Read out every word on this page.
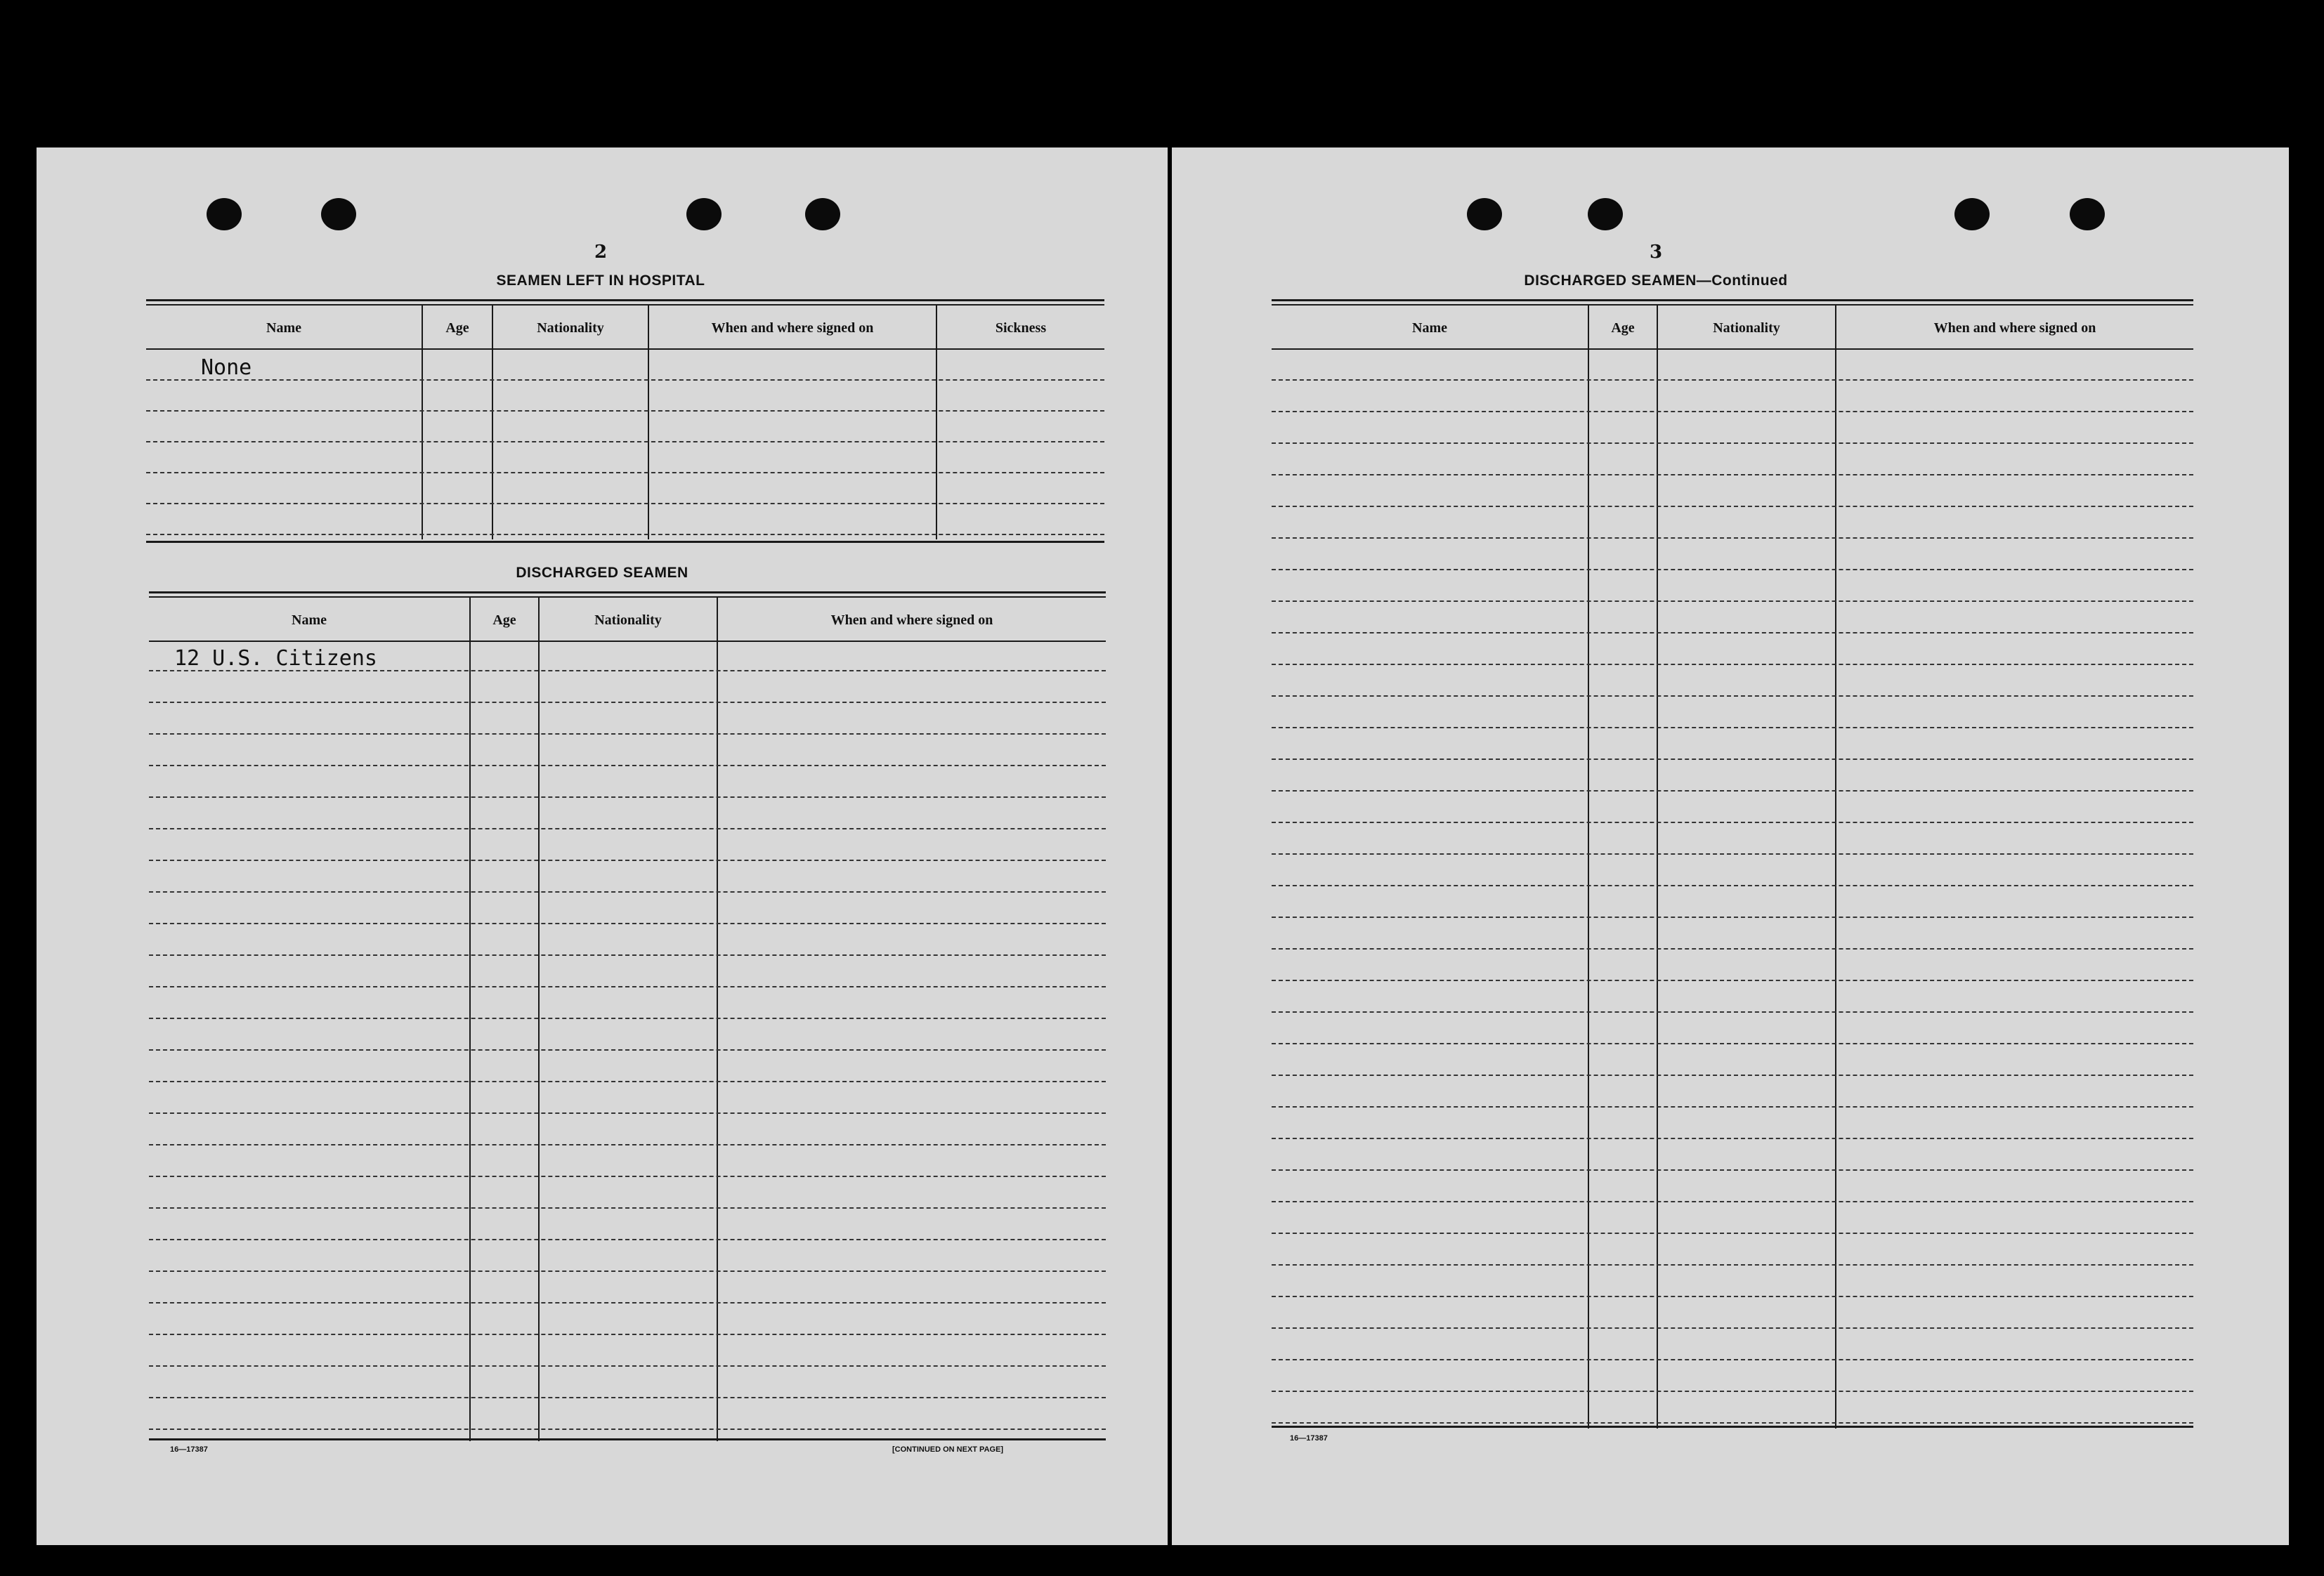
2
SEAMEN LEFT IN HOSPITAL
Name	Age	Nationality	When and where signed on	Sickness
None
DISCHARGED SEAMEN
Name	Age	Nationality	When and where signed on
12 U.S. Citizens
16—17387	[CONTINUED ON NEXT PAGE]
3
DISCHARGED SEAMEN—Continued
Name	Age	Nationality	When and where signed on
16—17387
